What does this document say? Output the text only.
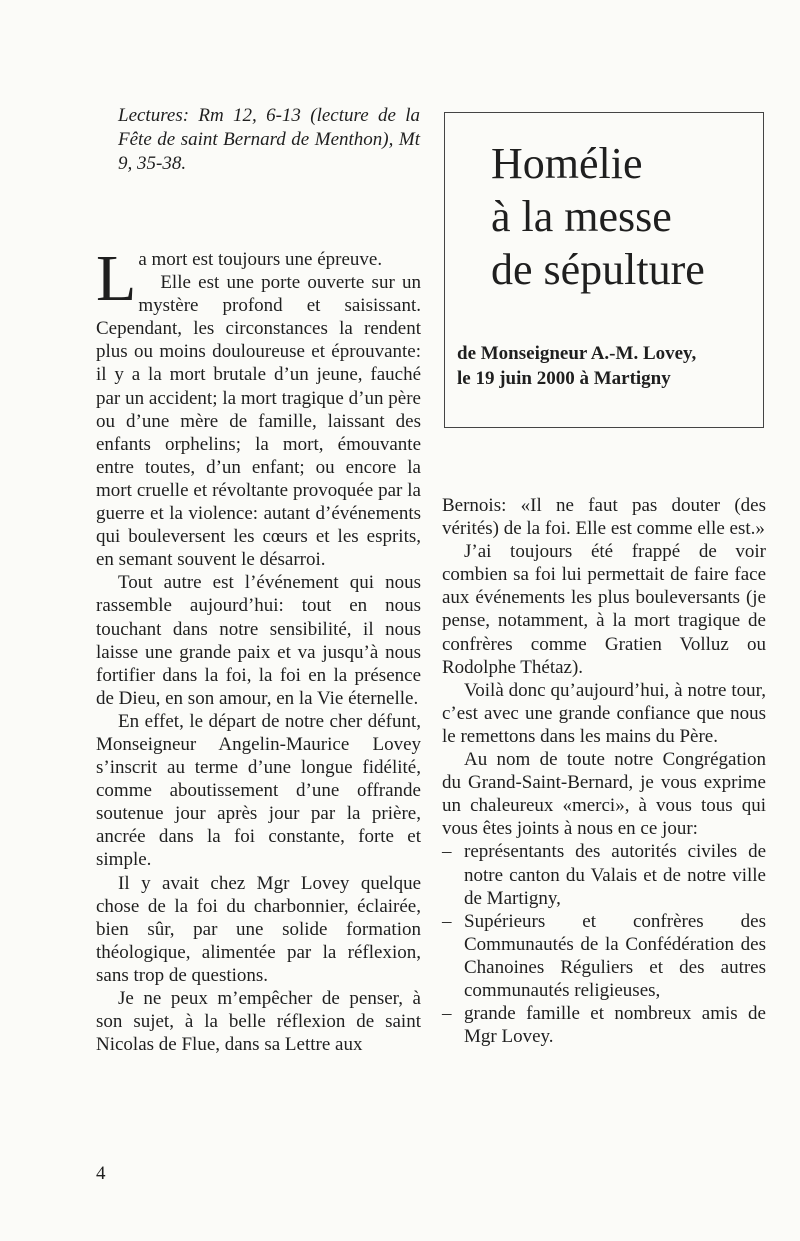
Lectures: Rm 12, 6-13 (lecture de la Fête de saint Bernard de Menthon), Mt 9, 35-38.	Homélie
à la messe
de sépulture

de Monseigneur A.-M. Lovey,
le 19 juin 2000 à Martigny

La mort est toujours une épreuve.

Elle est une porte ouverte sur un mystère profond et saisissant. Cependant, les circonstances la rendent plus ou moins douloureuse et éprouvante: il y a la mort brutale d’un jeune, fauché par un accident; la mort tragique d’un père ou d’une mère de famille, laissant des enfants orphelins; la mort, émouvante entre toutes, d’un enfant; ou encore la mort cruelle et révoltante provoquée par la guerre et la violence: autant d’événements qui bouleversent les cœurs et les esprits, en semant souvent le désarroi.

Tout autre est l’événement qui nous rassemble aujourd’hui: tout en nous touchant dans notre sensibilité, il nous laisse une grande paix et va jusqu’à nous fortifier dans la foi, la foi en la présence de Dieu, en son amour, en la Vie éternelle.

En effet, le départ de notre cher défunt, Monseigneur Angelin-Maurice Lovey s’inscrit au terme d’une longue fidélité, comme aboutissement d’une offrande soutenue jour après jour par la prière, ancrée dans la foi constante, forte et simple.

Il y avait chez Mgr Lovey quelque chose de la foi du charbonnier, éclairée, bien sûr, par une solide formation théologique, alimentée par la réflexion, sans trop de questions.

Je ne peux m’empêcher de penser, à son sujet, à la belle réflexion de saint Nicolas de Flue, dans sa Lettre aux

Bernois: «Il ne faut pas douter (des vérités) de la foi. Elle est comme elle est.»

J’ai toujours été frappé de voir combien sa foi lui permettait de faire face aux événements les plus bouleversants (je pense, notamment, à la mort tragique de confrères comme Gratien Volluz ou Rodolphe Thétaz).

Voilà donc qu’aujourd’hui, à notre tour, c’est avec une grande confiance que nous le remettons dans les mains du Père.

Au nom de toute notre Congrégation du Grand-Saint-Bernard, je vous exprime un chaleureux «merci», à vous tous qui vous êtes joints à nous en ce jour:

– représentants des autorités civiles de notre canton du Valais et de notre ville de Martigny,
– Supérieurs et confrères des Communautés de la Confédération des Chanoines Réguliers et des autres communautés religieuses,
– grande famille et nombreux amis de Mgr Lovey.
4
